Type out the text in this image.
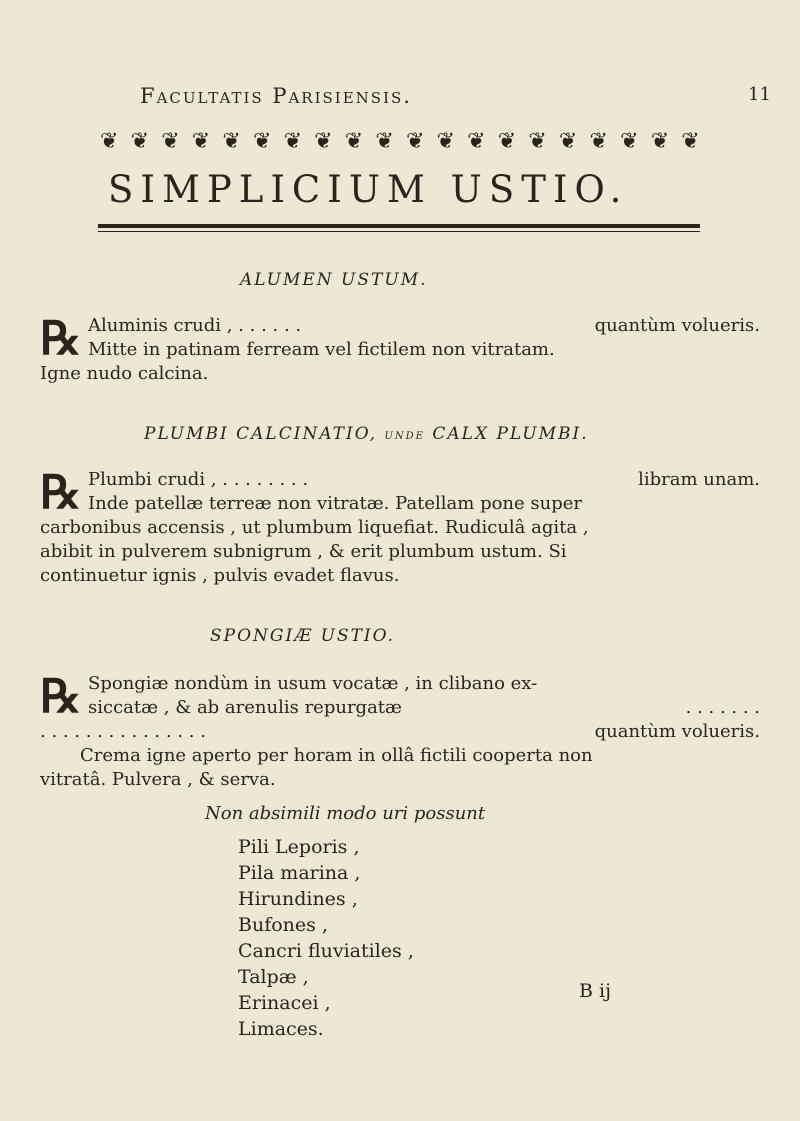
Facultatis Parisiensis.	11
❦ ❦ ❦ ❦ ❦ ❦ ❦ ❦ ❦ ❦ ❦ ❦ ❦ ❦ ❦ ❦ ❦ ❦ ❦ ❦
SIMPLICIUM USTIO.
ALUMEN USTUM.
℞ Aluminis crudi , . . . . . .	quantùm volueris.
Mitte in patinam ferream vel fictilem non vitratam.
Igne nudo calcina.
PLUMBI CALCINATIO, UNDE CALX PLUMBI.
℞ Plumbi crudi , . . . . . . . .	libram unam.
Inde patellæ terreæ non vitratæ. Patellam pone super
carbonibus accensis , ut plumbum liquefiat. Rudiculâ agita ,
abibit in pulverem subnigrum , & erit plumbum ustum. Si
continuetur ignis , pulvis evadet flavus.
SPONGIÆ USTIO.
℞ Spongiæ nondùm in usum vocatæ , in clibano ex-
siccatæ , & ab arenulis repurgatæ	. . . . . . .
. . . . . . . . . . . . . . .	quantùm volueris.
Crema igne aperto per horam in ollâ fictili cooperta non
vitratâ. Pulvera , & serva.
Non absimili modo uri possunt
Pili Leporis ,
Pila marina ,
Hirundines ,
Bufones ,
Cancri fluviatiles ,
Talpæ ,
Erinacei ,
Limaces.
B ij
